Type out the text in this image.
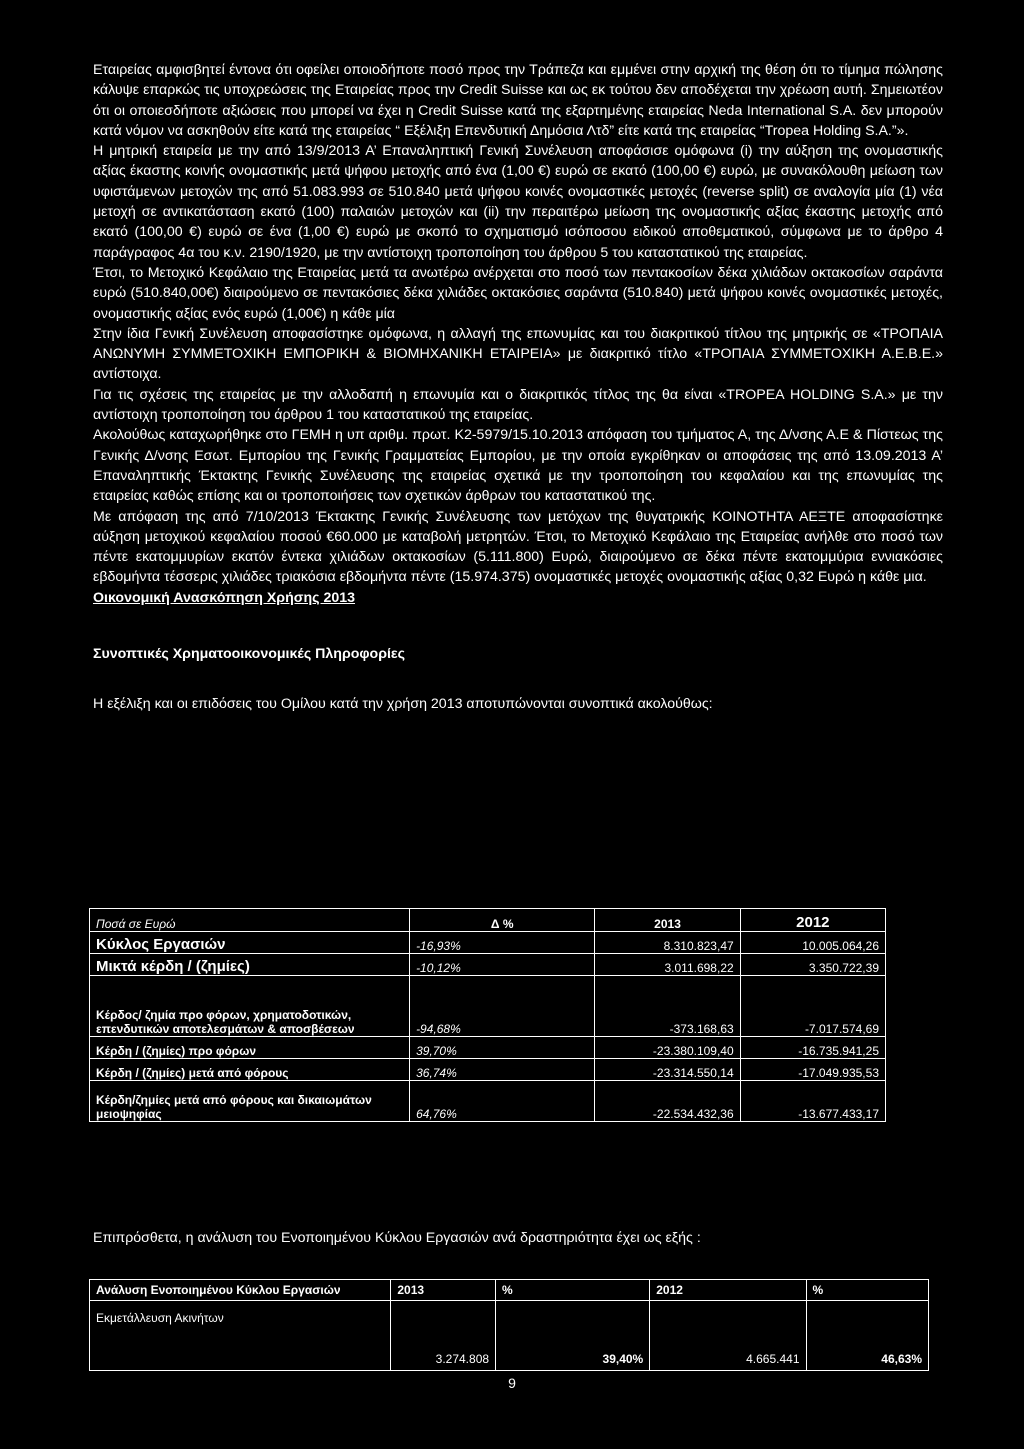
Εταιρείας αμφισβητεί έντονα ότι οφείλει οποιοδήποτε ποσό προς την Τράπεζα και εμμένει στην αρχική της θέση ότι το τίμημα πώλησης κάλυψε επαρκώς τις υποχρεώσεις της Εταιρείας προς την Credit Suisse και ως εκ τούτου δεν αποδέχεται την χρέωση αυτή. Σημειωτέον ότι οι οποιεσδήποτε αξιώσεις που μπορεί να έχει η Credit Suisse κατά της εξαρτημένης εταιρείας Neda International S.A. δεν μπορούν κατά νόμον να ασκηθούν είτε κατά της εταιρείας “ Εξέλιξη Επενδυτική Δημόσια Λτδ” είτε κατά της εταιρείας “Tropea Holding S.A.”».

Η μητρική εταιρεία με την από 13/9/2013 Α’ Επαναληπτική Γενική Συνέλευση αποφάσισε ομόφωνα (i) την αύξηση της ονομαστικής αξίας έκαστης κοινής ονομαστικής μετά ψήφου μετοχής από ένα (1,00 €) ευρώ σε εκατό (100,00 €) ευρώ, με συνακόλουθη μείωση των υφιστάμενων μετοχών της από 51.083.993 σε 510.840 μετά ψήφου κοινές ονομαστικές μετοχές (reverse split) σε αναλογία μία (1) νέα μετοχή σε αντικατάσταση εκατό (100) παλαιών μετοχών και (ii) την περαιτέρω μείωση της ονομαστικής αξίας έκαστης μετοχής από εκατό (100,00 €) ευρώ σε ένα (1,00 €) ευρώ με σκοπό το σχηματισμό ισόποσου ειδικού αποθεματικού, σύμφωνα με το άρθρο 4 παράγραφος 4α του κ.ν. 2190/1920, με την αντίστοιχη τροποποίηση του άρθρου 5 του καταστατικού της εταιρείας.

Έτσι, το Μετοχικό Κεφάλαιο της Εταιρείας μετά τα ανωτέρω ανέρχεται στο ποσό των πεντακοσίων δέκα χιλιάδων οκτακοσίων σαράντα ευρώ (510.840,00€) διαιρούμενο σε πεντακόσιες δέκα χιλιάδες οκτακόσιες σαράντα (510.840) μετά ψήφου κοινές ονομαστικές μετοχές, ονομαστικής αξίας ενός ευρώ (1,00€) η κάθε μία

Στην ίδια Γενική Συνέλευση αποφασίστηκε ομόφωνα, η αλλαγή της επωνυμίας και του διακριτικού τίτλου της μητρικής σε «ΤΡΟΠΑΙΑ ΑΝΩΝΥΜΗ ΣΥΜΜΕΤΟΧΙΚΗ ΕΜΠΟΡΙΚΗ & ΒΙΟΜΗΧΑΝΙΚΗ ΕΤΑΙΡΕΙΑ» με διακριτικό τίτλο «ΤΡΟΠΑΙΑ ΣΥΜΜΕΤΟΧΙΚΗ Α.Ε.Β.Ε.» αντίστοιχα.

Για τις σχέσεις της εταιρείας με την αλλοδαπή η επωνυμία και ο διακριτικός τίτλος της θα είναι «TROPEA HOLDING S.A.» με την αντίστοιχη τροποποίηση του άρθρου 1 του καταστατικού της εταιρείας.

Ακολούθως καταχωρήθηκε στο ΓΕΜΗ η υπ αριθμ. πρωτ. Κ2-5979/15.10.2013 απόφαση του τμήματος Α, της Δ/νσης Α.Ε & Πίστεως της Γενικής Δ/νσης Εσωτ. Εμπορίου της Γενικής Γραμματείας Εμπορίου, με την οποία εγκρίθηκαν οι αποφάσεις της από 13.09.2013 Α’ Επαναληπτικής Έκτακτης Γενικής Συνέλευσης της εταιρείας σχετικά με την τροποποίηση του κεφαλαίου και της επωνυμίας της εταιρείας καθώς επίσης και οι τροποποιήσεις των σχετικών άρθρων του καταστατικού της.

Με απόφαση της από 7/10/2013 Έκτακτης Γενικής Συνέλευσης των μετόχων της θυγατρικής ΚΟΙΝΟΤΗΤΑ ΑΕΞΤΕ αποφασίστηκε αύξηση μετοχικού κεφαλαίου ποσού €60.000 με καταβολή μετρητών. Έτσι, το Μετοχικό Κεφάλαιο της Εταιρείας ανήλθε στο ποσό των πέντε εκατομμυρίων εκατόν έντεκα χιλιάδων οκτακοσίων (5.111.800) Ευρώ, διαιρούμενο σε δέκα πέντε εκατομμύρια εννιακόσιες εβδομήντα τέσσερις χιλιάδες τριακόσια εβδομήντα πέντε (15.974.375) ονομαστικές μετοχές ονομαστικής αξίας 0,32 Ευρώ η κάθε μια.

Οικονομική Ανασκόπηση Χρήσης 2013

Συνοπτικές Χρηματοοικονομικές Πληροφορίες

Η εξέλιξη και οι επιδόσεις του Ομίλου κατά την χρήση 2013 αποτυπώνονται συνοπτικά ακολούθως:

Ποσά σε Ευρώ	Δ %	2013	2012
Κύκλος Εργασιών	-16,93%	8.310.823,47	10.005.064,26
Μικτά κέρδη / (ζημίες)	-10,12%	3.011.698,22	3.350.722,39
Κέρδος/ ζημία προ φόρων, χρηματοδοτικών, επενδυτικών αποτελεσμάτων & αποσβέσεων	-94,68%	-373.168,63	-7.017.574,69
Κέρδη / (ζημίες) προ φόρων	39,70%	-23.380.109,40	-16.735.941,25
Κέρδη / (ζημίες) μετά από φόρους	36,74%	-23.314.550,14	-17.049.935,53
Κέρδη/ζημίες μετά από φόρους και δικαιωμάτων μειοψηφίας	64,76%	-22.534.432,36	-13.677.433,17

Επιπρόσθετα, η ανάλυση του Ενοποιημένου Κύκλου Εργασιών ανά δραστηριότητα έχει ως εξής :

Ανάλυση Ενοποιημένου Κύκλου Εργασιών	2013	%	2012	%
Εκμετάλλευση Ακινήτων	3.274.808	39,40%	4.665.441	46,63%
9
